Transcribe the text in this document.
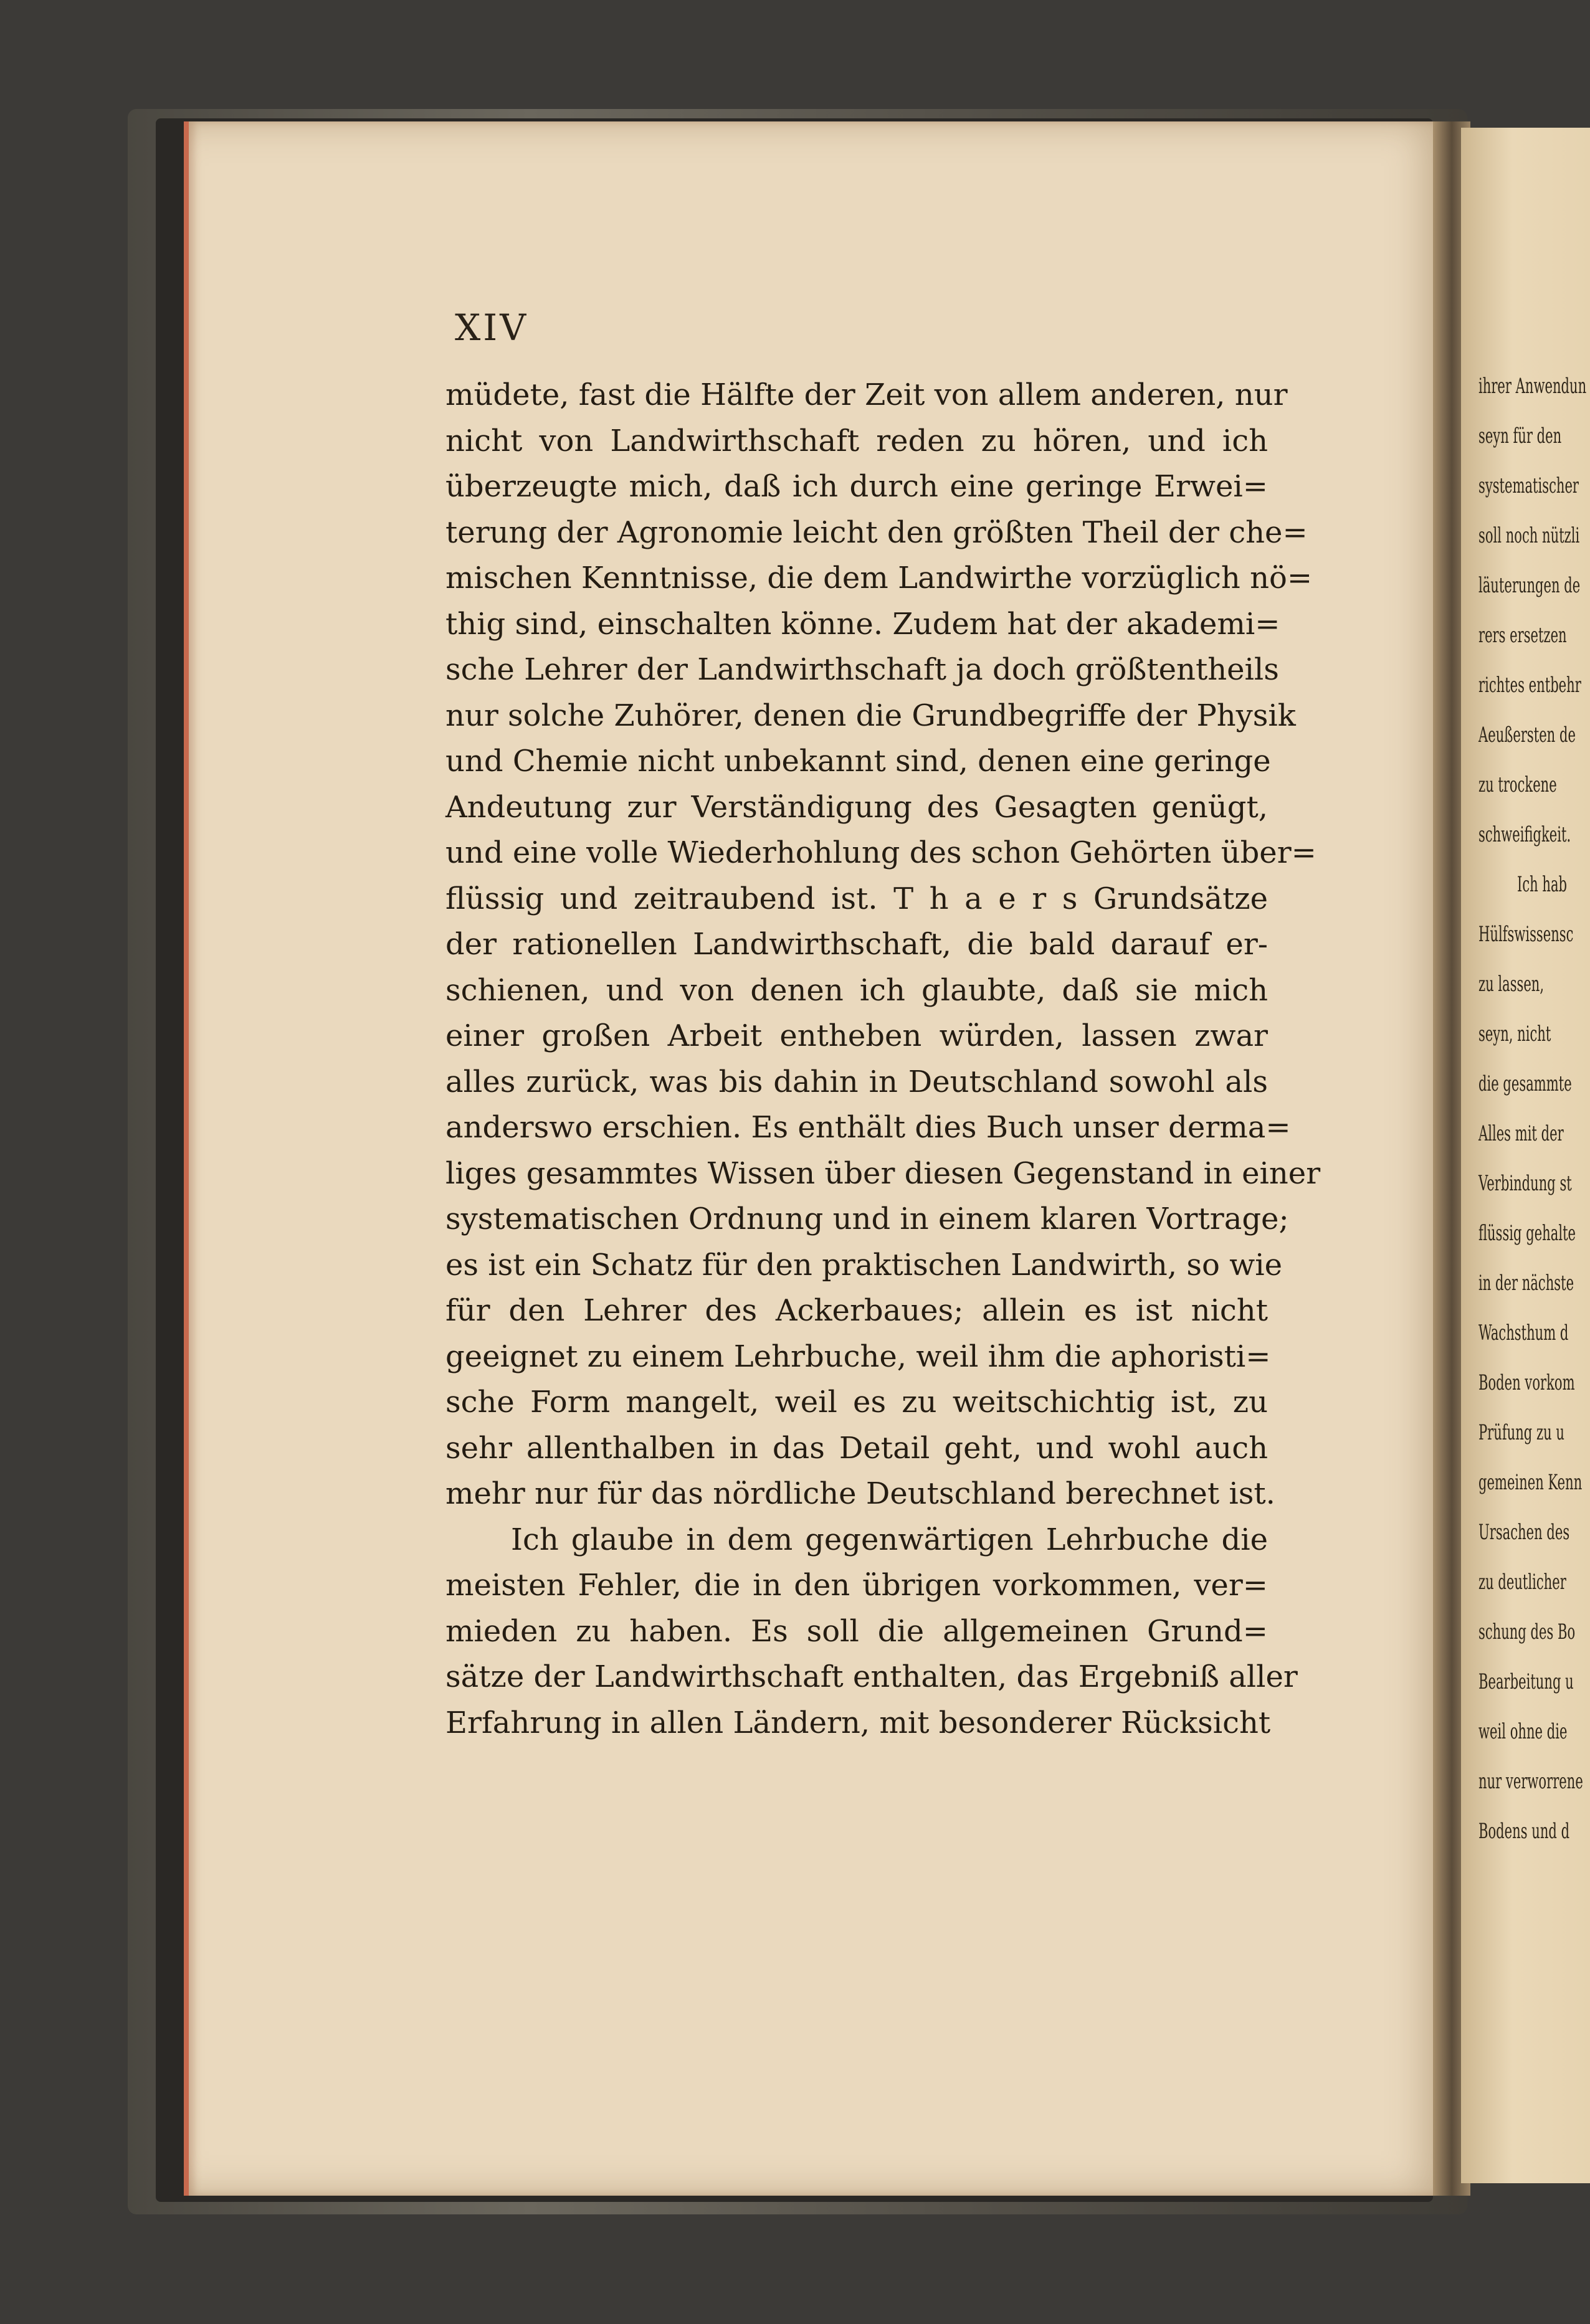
XIV
müdete, fast die Hälfte der Zeit von allem anderen, nur
nicht von Landwirthschaft reden zu hören, und ich
überzeugte mich, daß ich durch eine geringe Erwei=
terung der Agronomie leicht den größten Theil der che=
mischen Kenntnisse, die dem Landwirthe vorzüglich nö=
thig sind, einschalten könne. Zudem hat der akademi=
sche Lehrer der Landwirthschaft ja doch größtentheils
nur solche Zuhörer, denen die Grundbegriffe der Physik
und Chemie nicht unbekannt sind, denen eine geringe
Andeutung zur Verständigung des Gesagten genügt,
und eine volle Wiederhohlung des schon Gehörten über=
flüssig und zeitraubend ist. T h a e r s Grundsätze
der rationellen Landwirthschaft, die bald darauf er-
schienen, und von denen ich glaubte, daß sie mich
einer großen Arbeit entheben würden, lassen zwar
alles zurück, was bis dahin in Deutschland sowohl als
anderswo erschien. Es enthält dies Buch unser derma=
liges gesammtes Wissen über diesen Gegenstand in einer
systematischen Ordnung und in einem klaren Vortrage;
es ist ein Schatz für den praktischen Landwirth, so wie
für den Lehrer des Ackerbaues; allein es ist nicht
geeignet zu einem Lehrbuche, weil ihm die aphoristi=
sche Form mangelt, weil es zu weitschichtig ist, zu
sehr allenthalben in das Detail geht, und wohl auch
mehr nur für das nördliche Deutschland berechnet ist.
Ich glaube in dem gegenwärtigen Lehrbuche die
meisten Fehler, die in den übrigen vorkommen, ver=
mieden zu haben. Es soll die allgemeinen Grund=
sätze der Landwirthschaft enthalten, das Ergebniß aller
Erfahrung in allen Ländern, mit besonderer Rücksicht
ihrer Anwendun
seyn für den
systematischer
soll noch nützli
läuterungen de
rers ersetzen
richtes entbehr
Aeußersten de
zu trockene
schweifigkeit.
Ich hab
Hülfswissensc
zu lassen,
seyn, nicht
die gesammte
Alles mit der
Verbindung st
flüssig gehalte
in der nächste
Wachsthum d
Boden vorkom
Prüfung zu u
gemeinen Kenn
Ursachen des
zu deutlicher
schung des Bo
Bearbeitung u
weil ohne die
nur verworrene
Bodens und d
